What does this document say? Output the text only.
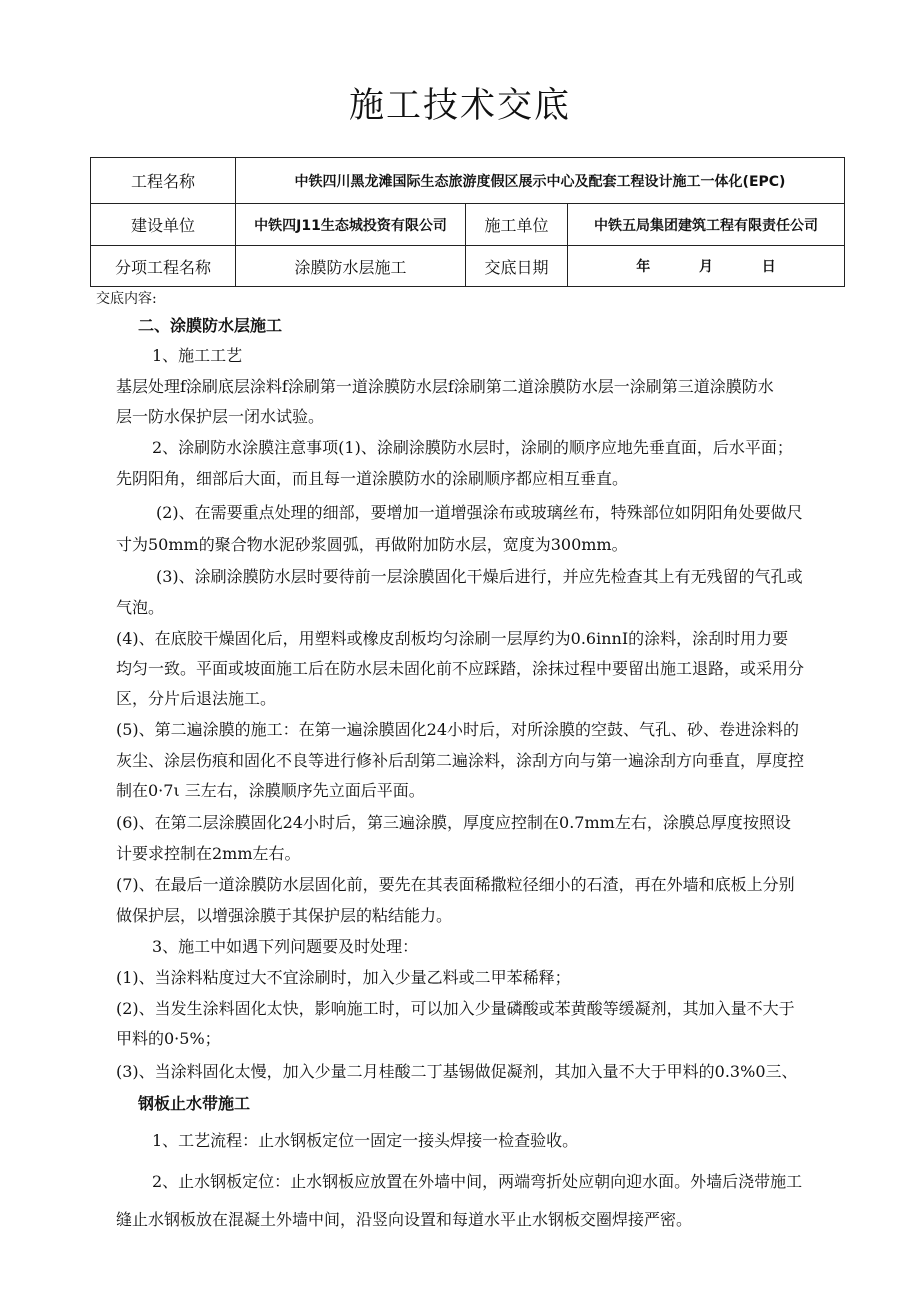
施工技术交底
工程名称	中铁四川黑龙滩国际生态旅游度假区展示中心及配套工程设计施工一体化(EPC)		
建设单位	中铁四J11生态城投资有限公司	施工单位	中铁五局集团建筑工程有限责任公司
分项工程名称	涂膜防水层施工	交底日期	年          月          日
交底内容:
二、涂膜防水层施工
1、施工工艺
基层处理f涂刷底层涂料f涂刷第一道涂膜防水层f涂刷第二道涂膜防水层一涂刷第三道涂膜防水
层一防水保护层一闭水试验。
2、涂刷防水涂膜注意事项(1)、涂刷涂膜防水层时，涂刷的顺序应地先垂直面，后水平面；
先阴阳角，细部后大面，而且每一道涂膜防水的涂刷顺序都应相互垂直。
(2)、在需要重点处理的细部，要增加一道增强涂布或玻璃丝布，特殊部位如阴阳角处要做尺
寸为50mm的聚合物水泥砂浆圆弧，再做附加防水层，宽度为300mm。
(3)、涂刷涂膜防水层时要待前一层涂膜固化干燥后进行，并应先检查其上有无残留的气孔或
气泡。
(4)、在底胶干燥固化后，用塑料或橡皮刮板均匀涂刷一层厚约为0.6innI的涂料，涂刮时用力要
均匀一致。平面或坡面施工后在防水层未固化前不应踩踏，涂抹过程中要留出施工退路，或采用分
区，分片后退法施工。
(5)、第二遍涂膜的施工：在第一遍涂膜固化24小时后，对所涂膜的空鼓、气孔、砂、卷进涂料的
灰尘、涂层伤痕和固化不良等进行修补后刮第二遍涂料，涂刮方向与第一遍涂刮方向垂直，厚度控
制在0·7ι 三左右，涂膜顺序先立面后平面。
(6)、在第二层涂膜固化24小时后，第三遍涂膜，厚度应控制在0.7mm左右，涂膜总厚度按照设
计要求控制在2mm左右。
(7)、在最后一道涂膜防水层固化前，要先在其表面稀撒粒径细小的石渣，再在外墙和底板上分别
做保护层，以增强涂膜于其保护层的粘结能力。
3、施工中如遇下列问题要及时处理：
(1)、当涂料粘度过大不宜涂刷时，加入少量乙料或二甲苯稀释；
(2)、当发生涂料固化太快，影响施工时，可以加入少量磷酸或苯黄酸等缓凝剂，其加入量不大于
甲料的0·5%；
(3)、当涂料固化太慢，加入少量二月桂酸二丁基锡做促凝剂，其加入量不大于甲料的0.3%0三、
钢板止水带施工
1、工艺流程：止水钢板定位一固定一接头焊接一检查验收。
2、止水钢板定位：止水钢板应放置在外墙中间，两端弯折处应朝向迎水面。外墙后浇带施工
缝止水钢板放在混凝土外墙中间，沿竖向设置和每道水平止水钢板交圈焊接严密。
